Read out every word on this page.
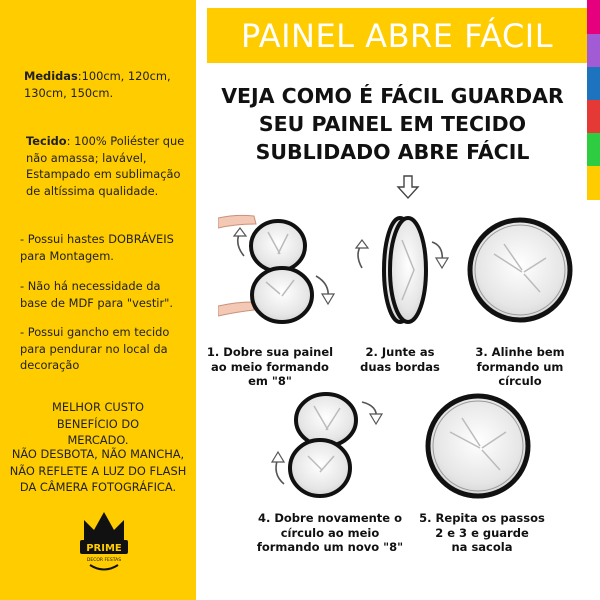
Medidas:100cm, 120cm, 130cm, 150cm.
Tecido: 100% Poliéster que não amassa; lavável, Estampado em sublimação de altíssima qualidade.
- Possui hastes DOBRÁVEIS para Montagem.
- Não há necessidade da base de MDF para "vestir".
- Possui gancho em tecido para pendurar no local da decoração
MELHOR CUSTO BENEFÍCIO DO MERCADO.
NÃO DESBOTA, NÃO MANCHA, NÃO REFLETE A LUZ DO FLASH DA CÂMERA FOTOGRÁFICA.
PRIME
DECOR FESTAS
PAINEL ABRE FÁCIL
VEJA COMO É FÁCIL GUARDAR
SEU PAINEL EM TECIDO
SUBLIDADO ABRE FÁCIL
1. Dobre sua painel
ao meio formando em "8"
2. Junte as
duas bordas
3. Alinhe bem
formando um círculo
4. Dobre novamente o
círculo ao meio
formando um novo "8"
5. Repita os passos
2 e 3 e guarde
na sacola
